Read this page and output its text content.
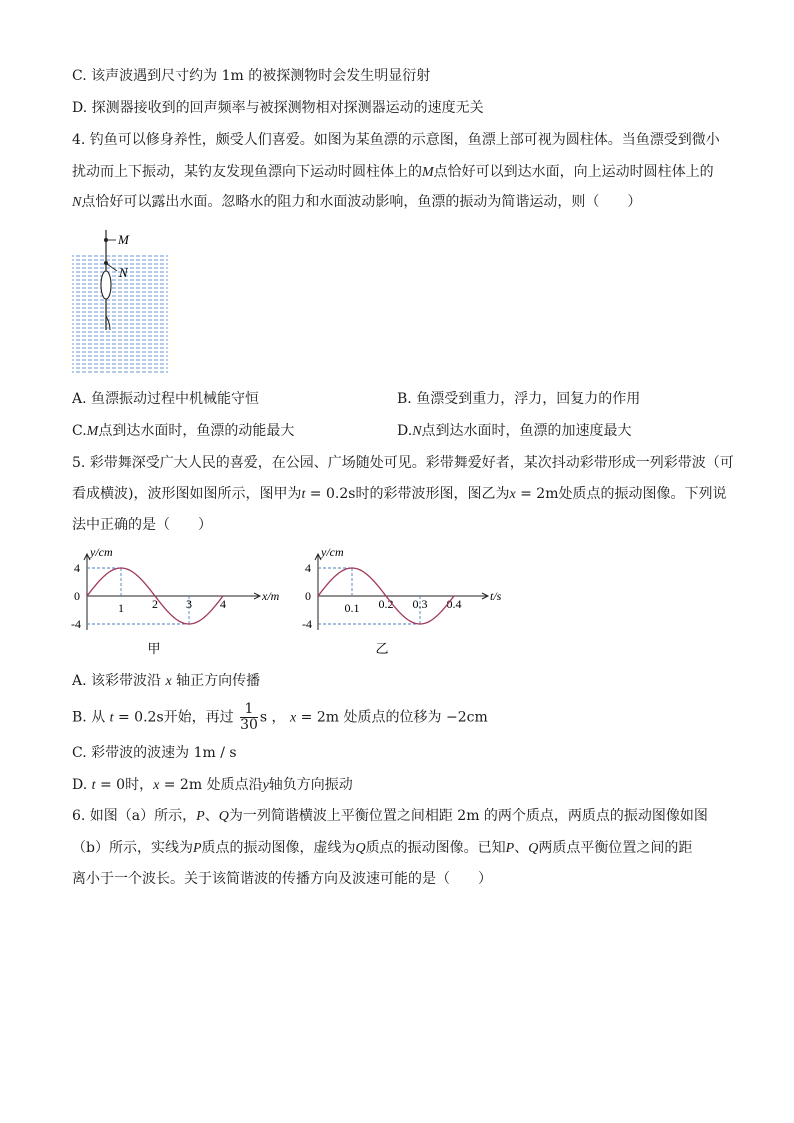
C. 该声波遇到尺寸约为 1m 的被探测物时会发生明显衍射
D. 探测器接收到的回声频率与被探测物相对探测器运动的速度无关
4. 钓鱼可以修身养性，颇受人们喜爱。如图为某鱼漂的示意图，鱼漂上部可视为圆柱体。当鱼漂受到微小
扰动而上下振动，某钓友发现鱼漂向下运动时圆柱体上的M点恰好可以到达水面，向上运动时圆柱体上的
N点恰好可以露出水面。忽略水的阻力和水面波动影响，鱼漂的振动为简谐运动，则（　　）
M
N
A. 鱼漂振动过程中机械能守恒	B. 鱼漂受到重力，浮力，回复力的作用
C.M点到达水面时，鱼漂的动能最大	D.N点到达水面时，鱼漂的加速度最大
5. 彩带舞深受广大人民的喜爱，在公园、广场随处可见。彩带舞爱好者，某次抖动彩带形成一列彩带波（可
看成横波)，波形图如图所示，图甲为t = 0.2s时的彩带波形图，图乙为x = 2m处质点的振动图像。下列说
法中正确的是（　　）
y/cm
x/m
4
0
-4
1 2 3 4
甲
y/cm
t/s
4
0
-4
0.1 0.2 0.3 0.4
乙
A. 该彩带波沿 x 轴正方向传播
B. 从 t = 0.2s开始，再过 $\frac{1}{30}$ s ， x = 2m 处质点的位移为 −2cm
C. 彩带波的波速为 1m / s
D. t = 0时，x = 2m 处质点沿y轴负方向振动
6. 如图（a）所示，P、Q为一列简谐横波上平衡位置之间相距 2m 的两个质点，两质点的振动图像如图
（b）所示，实线为P质点的振动图像，虚线为Q质点的振动图像。已知P、Q两质点平衡位置之间的距
离小于一个波长。关于该简谐波的传播方向及波速可能的是（　　）
